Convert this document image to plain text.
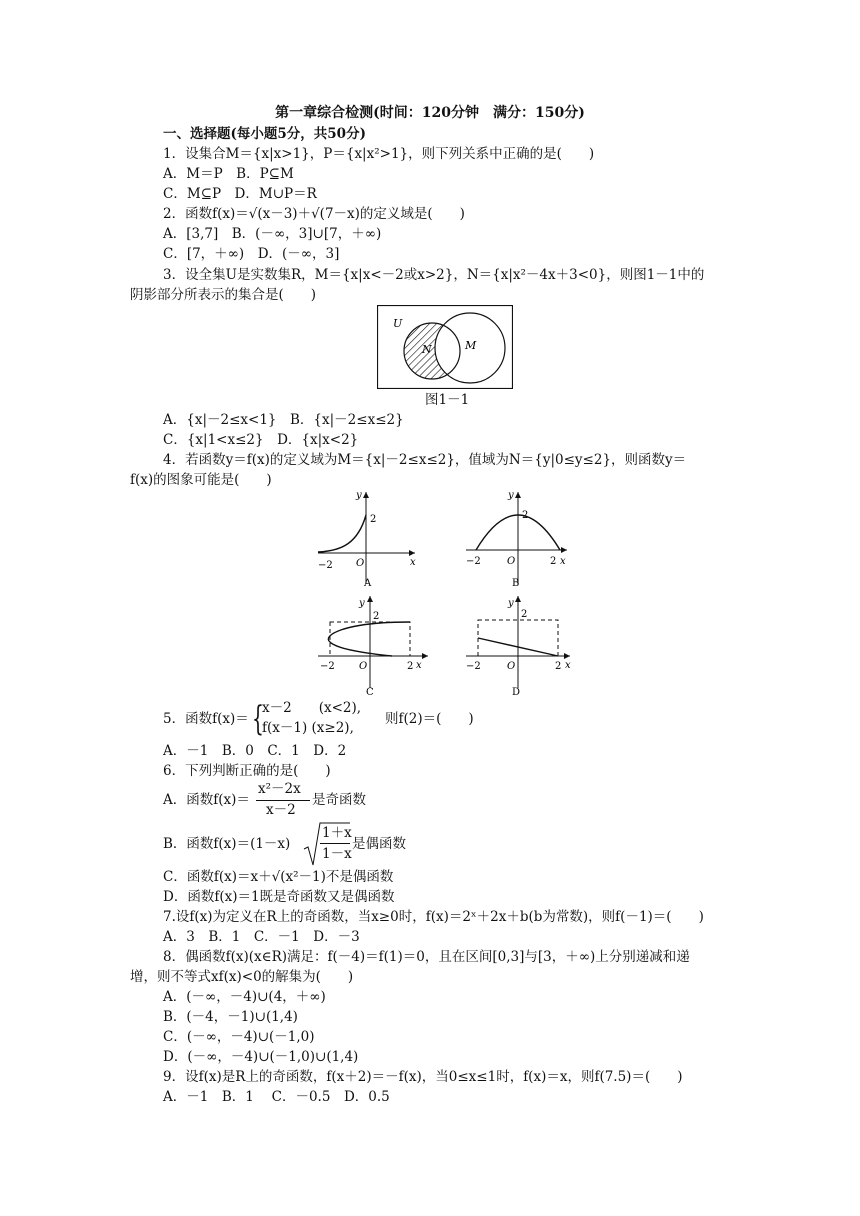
第一章综合检测(时间：120分钟　满分：150分)
一、选择题(每小题5分，共50分)
1．设集合M＝{x|x>1}，P＝{x|x²>1}，则下列关系中正确的是(　　)
A．M＝P　B．P⊆M
C．M⊆P　D．M∪P＝R
2．函数f(x)＝√(x－3)＋√(7－x)的定义域是(　　)
A．[3,7]　B．(－∞，3]∪[7，＋∞)
C．[7，＋∞)　D．(－∞，3]
3．设全集U是实数集R，M＝{x|x<－2或x>2}，N＝{x|x²－4x＋3<0}，则图1－1中的
阴影部分所表示的集合是(　　)
U
N	M
图1－1
A．{x|－2≤x<1}　B．{x|－2≤x≤2}
C．{x|1<x≤2}　D．{x|x<2}
4．若函数y＝f(x)的定义域为M＝{x|－2≤x≤2}，值域为N＝{y|0≤y≤2}，则函数y＝
f(x)的图象可能是(　　)
y
2
−2 O	x
A
y
2
−2	O	2 x
B
y
2
−2 O	2 x
C
y
2
−2	O	2 x
D
5．函数f(x)＝ {
x－2　　(x<2),
f(x－1) (x≥2),
则f(2)＝(　　)
A．－1　B．0　C．1　D．2
6．下列判断正确的是(　　)
A．函数f(x)＝
x²－2x
x－2
是奇函数
B．函数f(x)＝(1－x)
1＋x
1－x
是偶函数
C．函数f(x)＝x＋√(x²－1)不是偶函数
D．函数f(x)＝1既是奇函数又是偶函数
7.设f(x)为定义在R上的奇函数，当x≥0时，f(x)＝2ˣ＋2x＋b(b为常数)，则f(－1)＝(　　)
A．3　B．1　C．－1　D．－3
8．偶函数f(x)(x∈R)满足：f(－4)＝f(1)＝0，且在区间[0,3]与[3，＋∞)上分别递减和递
增，则不等式xf(x)<0的解集为(　　)
A．(－∞，－4)∪(4，＋∞)
B．(－4，－1)∪(1,4)
C．(－∞，－4)∪(－1,0)
D．(－∞，－4)∪(－1,0)∪(1,4)
9．设f(x)是R上的奇函数，f(x＋2)＝－f(x)，当0≤x≤1时，f(x)＝x，则f(7.5)＝(　　)
A．－1　B．1　 C．－0.5　D．0.5
